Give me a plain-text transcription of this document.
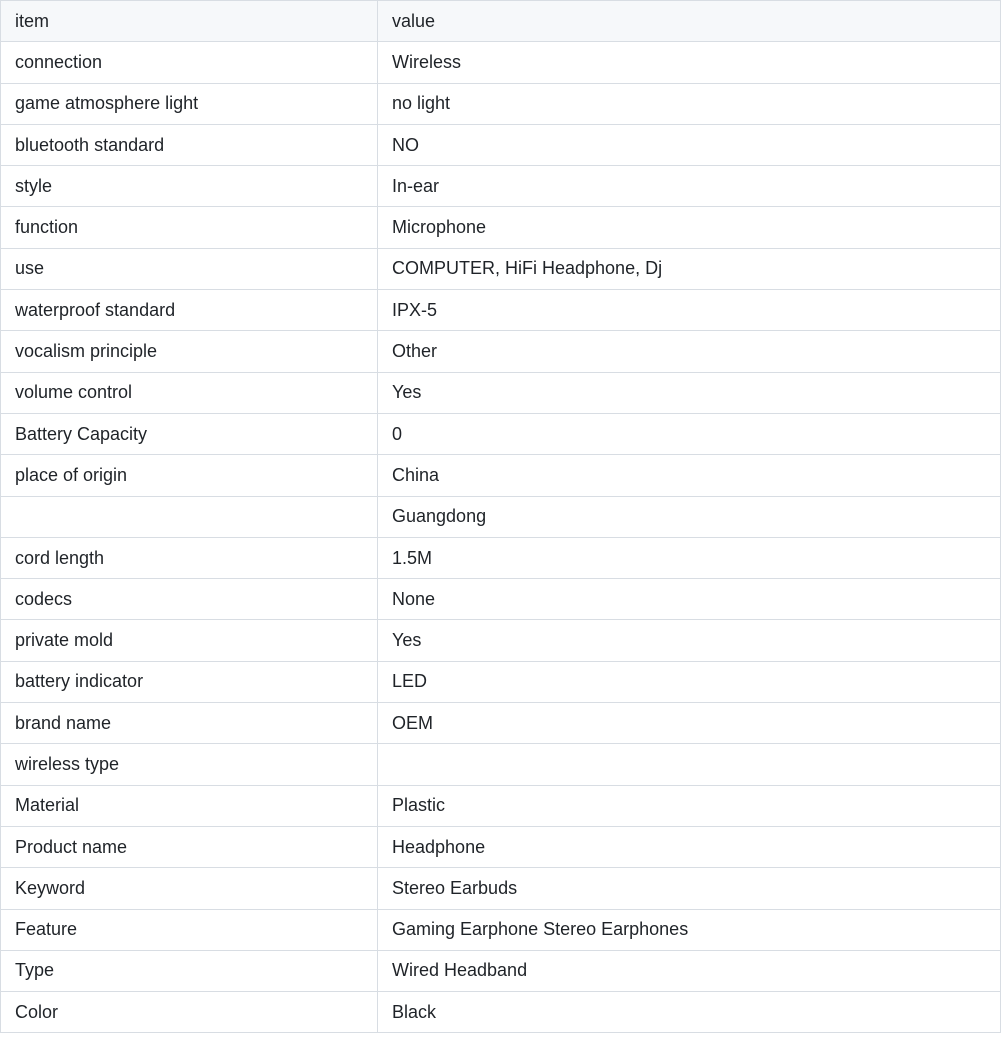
item	value
connection	Wireless
game atmosphere light	no light
bluetooth standard	NO
style	In-ear
function	Microphone
use	COMPUTER, HiFi Headphone, Dj
waterproof standard	IPX-5
vocalism principle	Other
volume control	Yes
Battery Capacity	0
place of origin	China
	Guangdong
cord length	1.5M
codecs	None
private mold	Yes
battery indicator	LED
brand name	OEM
wireless type	
Material	Plastic
Product name	Headphone
Keyword	Stereo Earbuds
Feature	Gaming Earphone Stereo Earphones
Type	Wired Headband
Color	Black
